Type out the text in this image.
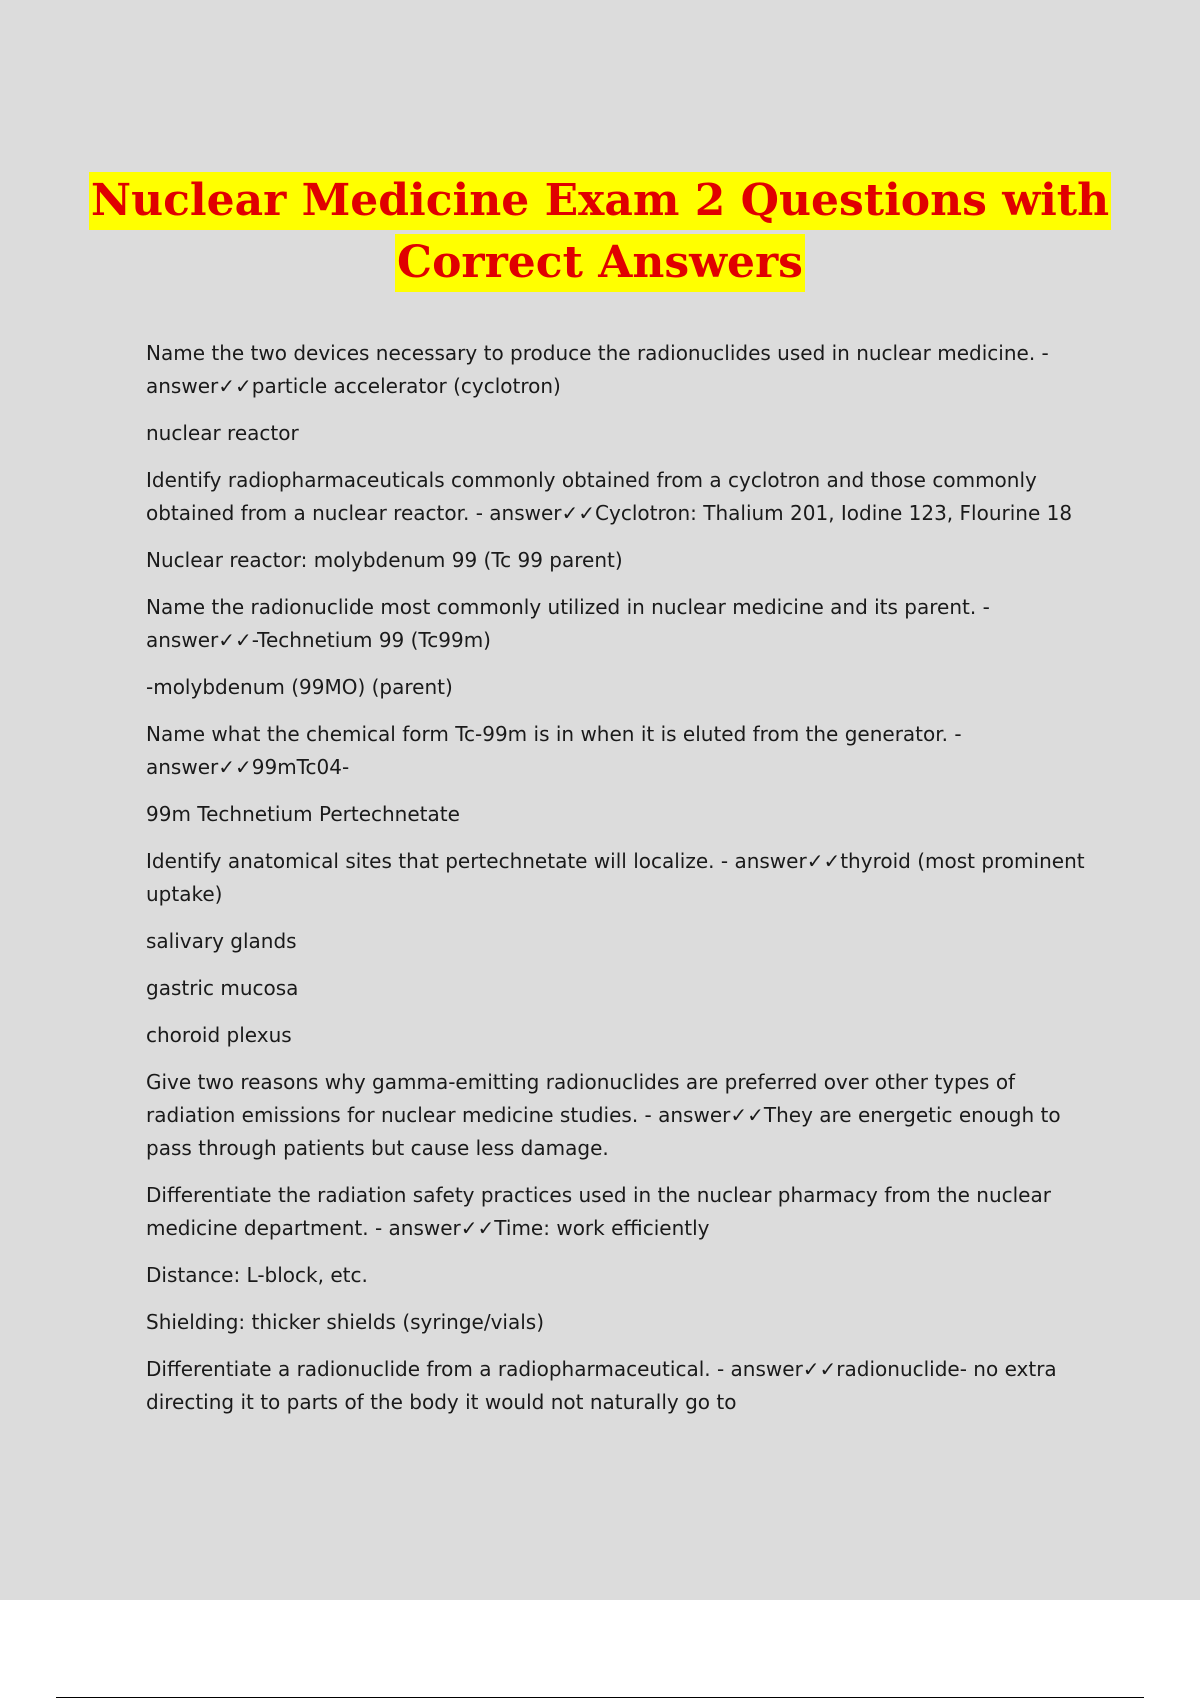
Nuclear Medicine Exam 2 Questions with
Correct Answers

Name the two devices necessary to produce the radionuclides used in nuclear medicine. - answer✓✓particle accelerator (cyclotron)

nuclear reactor

Identify radiopharmaceuticals commonly obtained from a cyclotron and those commonly obtained from a nuclear reactor. - answer✓✓Cyclotron: Thalium 201, Iodine 123, Flourine 18

Nuclear reactor: molybdenum 99 (Tc 99 parent)

Name the radionuclide most commonly utilized in nuclear medicine and its parent. - answer✓✓-Technetium 99 (Tc99m)

-molybdenum (99MO) (parent)

Name what the chemical form Tc-99m is in when it is eluted from the generator. - answer✓✓99mTc04-

99m Technetium Pertechnetate

Identify anatomical sites that pertechnetate will localize. - answer✓✓thyroid (most prominent uptake)

salivary glands

gastric mucosa

choroid plexus

Give two reasons why gamma-emitting radionuclides are preferred over other types of radiation emissions for nuclear medicine studies. - answer✓✓They are energetic enough to pass through patients but cause less damage.

Differentiate the radiation safety practices used in the nuclear pharmacy from the nuclear medicine department. - answer✓✓Time: work efficiently

Distance: L-block, etc.

Shielding: thicker shields (syringe/vials)

Differentiate a radionuclide from a radiopharmaceutical. - answer✓✓radionuclide- no extra directing it to parts of the body it would not naturally go to
